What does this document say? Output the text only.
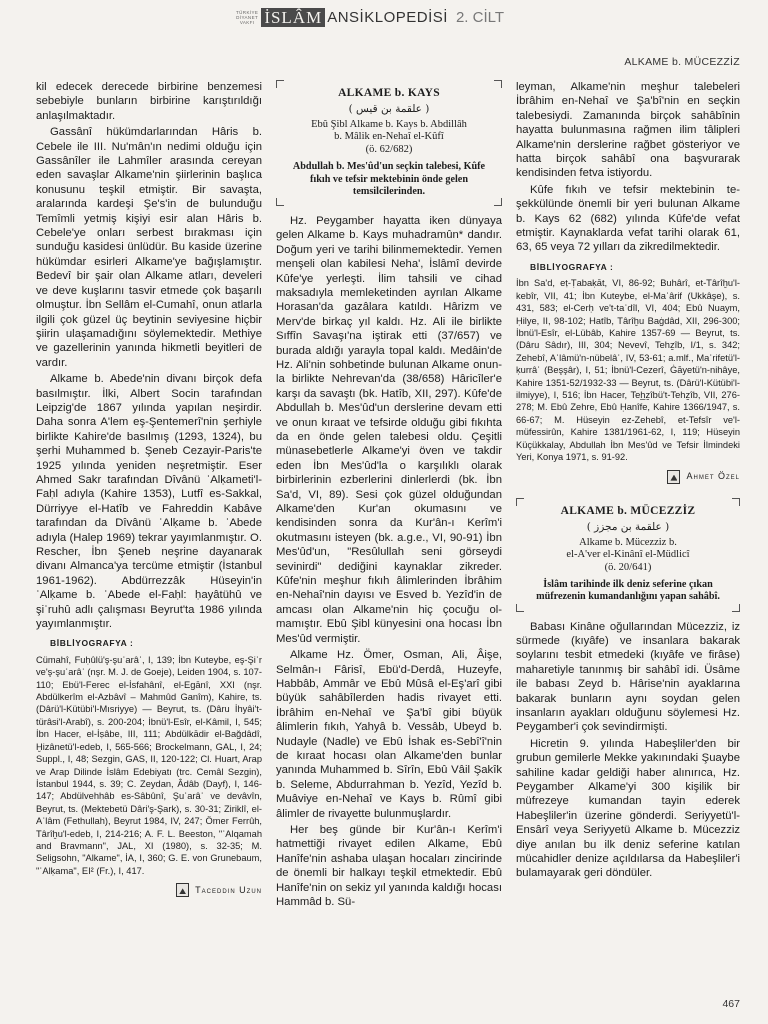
TÜRKİYE
DİYANET
VAKFI İSLÂM ANSİKLOPEDİSİ 2. CİLT
ALKAME b. MÜCEZZİZ

kil edecek derecede birbirine benzemesi sebebiyle bunların birbirine karıştırıldığı anlaşılmaktadır.

Gassânî hükümdarlarından Hâris b. Cebele ile III. Nu'mân'ın nedimi olduğu için Gassânîler ile Lahmîler arasında cereyan eden savaşlar Alkame'nin şiirlerinin başlıca konusunu teşkil etmiştir. Bir savaşta, aralarında kardeşi Şe's'in de bulunduğu Temîmli yetmiş kişiyi esir alan Hâris b. Cebele'ye onları serbest bırakması için sunduğu kasidesi ünlüdür. Bu kaside üzerine hükümdar esirleri Alkame'ye bağışlamıştır. Bedevî bir şair olan Alkame atları, develeri ve deve kuşlarını tasvir etmede çok başarılı olmuştur. İbn Sellâm el-Cumahî, onun atlarla ilgili çok güzel üç beytinin seviyesine hiçbir şiirin ulaşamadığını söylemektedir. Methiye ve gazellerinin yanında hikmetli beyitleri de vardır.

Alkame b. Abede'nin divanı birçok defa basılmıştır. İlki, Albert Socin tarafından Leipzig'de 1867 yılında yapılan neşirdir. Daha sonra A'lem eş-Şentemerî'nin şerhiyle birlikte Kahire'de basılmış (1293, 1324), bu şerhi Muhammed b. Şeneb Cezayir-Paris'te 1925 yılında yeniden neşretmiştir. Eser Ahmed Sakr tarafından Dîvânü ʿAlḳameti'l-Faḥl adıyla (Kahire 1353), Lutfî es-Sakkal, Dürriyye el-Hatîb ve Fahreddin Kabâve tarafından da Dîvânü ʿAlḳame b. ʿAbede adıyla (Halep 1969) tekrar yayımlanmıştır. O. Rescher, İbn Şeneb neşrine dayanarak divanı Almanca'ya tercüme etmiştir (İstanbul 1961-1962). Abdürrezzâk Hüseyin'in ʿAlḳame b. ʿAbede el-Faḥl: ḥayâtühû ve şiʿruhû adlı çalışması Beyrut'ta 1986 yılında yayımlanmıştır.

BİBLİYOGRAFYA :
Cümahî, Fuḥûlü'ş-şuʿarâʾ, I, 139; İbn Kuteybe, eş-Şiʿr ve'ş-şuʿarâʾ (nşr. M. J. de Goeje), Leiden 1904, s. 107-110; Ebü'l-Ferec el-İsfahânî, el-Egānî, XXI (nşr. Abdülkerîm el-Azbâvî – Mahmûd Ganîm), Kahire, ts. (Dârü'l-Kütübi'l-Mısriyye) — Beyrut, ts. (Dâru İhyâi't-türâsi'l-Arabî), s. 200-204; İbnü'l-Esîr, el-Kâmil, I, 545; İbn Hacer, el-İṣâbe, III, 111; Abdülkādir el-Bağdâdî, Ḫizânetü'l-edeb, I, 565-566; Brockelmann, GAL, I, 24; Suppl., I, 48; Sezgin, GAS, II, 120-122; Cl. Huart, Arap ve Arap Dilinde İslâm Edebiyatı (trc. Cemâl Sezgin), İstanbul 1944, s. 39; C. Zeydan, Âdâb (Dayf), I, 146-147; Abdülvehhâb es-Sâbûnî, Şuʿarâʾ ve devâvîn, Beyrut, ts. (Mektebetü Dâri'ş-Şark), s. 30-31; Ziriklî, el-Aʿlâm (Fethullah), Beyrut 1984, IV, 247; Ömer Ferrûh, Târîḫu'l-edeb, I, 214-216; A. F. L. Beeston, "ʿAlqamah and Bravmann", JAL, XI (1980), s. 32-35; M. Seligsohn, "Alkame", İA, I, 360; G. E. von Grunebaum, "ʿAlḳama", EI² (Fr.), I, 417.
Taceddin Uzun
ALKAME b. KAYS
( علقمة بن قيس )
Ebû Şibl Alkame b. Kays b. Abdillâh
b. Mâlik en-Nehaî el-Kûfî
(ö. 62/682)
Abdullah b. Mes'ûd'un seçkin talebesi, Kûfe fıkıh ve tefsir mektebinin önde gelen temsilcilerinden.

Hz. Peygamber hayatta iken dünyaya gelen Alkame b. Kays muhadramûn* dandır. Doğum yeri ve tarihi bilinmemektedir. Yemen menşeli olan kabilesi Neha', İslâmî devirde Kûfe'ye yerleşti. İlim tahsili ve cihad maksadıyla memleketinden ayrılan Alkame Horasan'da gazâlara katıldı. Hârizm ve Merv'de birkaç yıl kaldı. Hz. Ali ile birlikte Sıffîn Savaşı'na iştirak etti (37/657) ve burada aldığı yarayla topal kaldı. Medâin'de Hz. Ali'nin sohbetinde bulunan Alkame onunla birlikte Nehrevan'da (38/658) Hâricîler'e karşı da savaştı (bk. Hatîb, XII, 297). Kûfe'de Abdullah b. Mes'ûd'un derslerine devam etti ve onun kıraat ve tefsirde olduğu gibi fıkıhta da en önde gelen talebesi oldu. Çeşitli münasebetlerle Alkame'yi öven ve takdir eden İbn Mes'ûd'la o karşılıklı olarak birbirlerinin ezberlerini dinlerlerdi (bk. İbn Sa'd, VI, 89). Sesi çok güzel olduğundan Alkame'den Kur'an okumasını ve kendisinden sonra da Kur'ân-ı Kerîm'i okutmasını isteyen (bk. a.g.e., VI, 90-91) İbn Mes'ûd'un, "Resûlullah seni görseydi sevinirdi" dediğini kaynaklar zikreder. Kûfe'nin meşhur fıkıh âlimlerinden İbrâhim en-Nehaî'nin dayısı ve Esved b. Yezîd'in de amcası olan Alkame'nin hiç çocuğu olmamıştır. Ebû Şibl künyesini ona hocası İbn Mes'ûd vermiştir.

Alkame Hz. Ömer, Osman, Ali, Âişe, Selmân-ı Fârisî, Ebü'd-Derdâ, Huzeyfe, Habbâb, Ammâr ve Ebû Mûsâ el-Eş'arî gibi büyük sahâbîlerden hadis rivayet etti. İbrâhim en-Nehaî ve Şa'bî gibi büyük âlimlerin fıkıh, Yahyâ b. Vessâb, Ubeyd b. Nudayle (Nadle) ve Ebû İshak es-Sebî'î'nin de kıraat hocası olan Alkame'den bunlar yanında Muhammed b. Sîrîn, Ebû Vâil Şakîk b. Seleme, Abdurrahman b. Yezîd, Yezîd b. Muâviye en-Nehaî ve Kays b. Rûmî gibi âlimler de rivayette bulunmuşlardır.

Her beş günde bir Kur'ân-ı Kerîm'i hatmettiği rivayet edilen Alkame, Ebû Hanîfe'nin ashaba ulaşan hocaları zincirinde de önemli bir halkayı teşkil etmektedir. Ebû Hanîfe'nin on sekiz yıl yanında kaldığı hocası Hammâd b. Sü-

leyman, Alkame'nin meşhur talebeleri İbrâhim en-Nehaî ve Şa'bî'nin en seçkin talebesiydi. Zamanında birçok sahâbînin hayatta bulunmasına rağmen ilim tâlipleri Alkame'nin derslerine rağbet gösteriyor ve hatta birçok sahâbî ona başvurarak kendisinden fetva istiyordu.

Kûfe fıkıh ve tefsir mektebinin teşekkülünde önemli bir yeri bulunan Alkame b. Kays 62 (682) yılında Kûfe'de vefat etmiştir. Kaynaklarda vefat tarihi olarak 61, 63, 65 veya 72 yılları da zikredilmektedir.

BİBLİYOGRAFYA :
İbn Sa'd, eṭ-Ṭabaḳāt, VI, 86-92; Buhârî, et-Târîḫu'l-kebîr, VII, 41; İbn Kuteybe, el-Maʿârif (Ukkâşe), s. 431, 583; el-Cerḥ ve't-taʿdîl, VI, 404; Ebû Nuaym, Ḥilye, II, 98-102; Hatîb, Târîḫu Baġdâd, XII, 296-300; İbnü'l-Esîr, el-Lübâb, Kahire 1357-69 — Beyrut, ts. (Dâru Sâdır), III, 304; Nevevî, Tehẕîb, I/1, s. 342; Zehebî, Aʿlâmü'n-nübelâʾ, IV, 53-61; a.mlf., Maʿrifetü'l-ḳurrâʾ (Beşşâr), I, 51; İbnü'l-Cezerî, Ġāyetü'n-nihâye, Kahire 1351-52/1932-33 — Beyrut, ts. (Dârü'l-Kütübi'l-ilmiyye), I, 516; İbn Hacer, Teh̲ẕîbü't-Tehẕîb, VII, 276-278; M. Ebû Zehre, Ebû Ḥanîfe, Kahire 1366/1947, s. 66-67; M. Hüseyin ez-Zehebî, et-Tefsîr ve'l-müfessirûn, Kahire 1381/1961-62, I, 119; Hüseyin Küçükkalay, Abdullah İbn Mes'ûd ve Tefsir İlmindeki Yeri, Konya 1971, s. 91-92.
Ahmet Özel
ALKAME b. MÜCEZZİZ
( علقمة بن مجزز )
Alkame b. Mücezziz b.
el-A'ver el-Kinânî el-Müdlicî
(ö. 20/641)
İslâm tarihinde ilk deniz seferine çıkan müfrezenin kumandanlığını yapan sahâbî.

Babası Kinâne oğullarından Mücezziz, iz sürmede (kıyâfe) ve insanlara bakarak soylarını tesbit etmedeki (kıyâfe ve firâse) maharetiyle tanınmış bir sahâbî idi. Üsâme ile babası Zeyd b. Hârise'nin ayaklarına bakarak bunların aynı soydan gelen insanların ayakları olduğunu söylemesi Hz. Peygamber'i çok sevindirmişti.

Hicretin 9. yılında Habeşliler'den bir grubun gemilerle Mekke yakınındaki Şuaybe sahiline kadar geldiği haber alınırıca, Hz. Peygamber Alkame'yi 300 kişilik bir müfrezeye kumandan tayin ederek Habeşliler'in üzerine gönderdi. Seriyyetü'l-Ensârî veya Seriyyetü Alkame b. Mücezziz diye anılan bu ilk deniz seferine katılan mücahidler denize açıldılarsa da Habeşliler'i bulamayarak geri döndüler.

467
